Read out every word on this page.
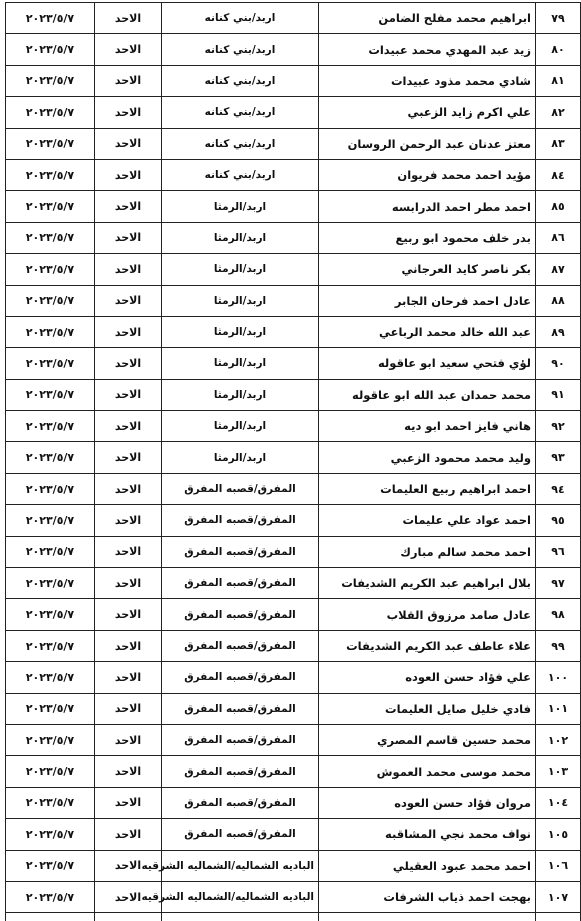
٧٩	ابراهيم محمد مفلح الضامن	اربد/بني كنانه	الاحد	٢٠٢٣/٥/٧
٨٠	زيد عبد المهدي محمد عبيدات	اربد/بني كنانه	الاحد	٢٠٢٣/٥/٧
٨١	شادي محمد مذود عبيدات	اربد/بني كنانه	الاحد	٢٠٢٣/٥/٧
٨٢	علي اكرم زايد الزعبي	اربد/بني كنانه	الاحد	٢٠٢٣/٥/٧
٨٣	معتز عدنان عبد الرحمن الروسان	اربد/بني كنانه	الاحد	٢٠٢٣/٥/٧
٨٤	مؤيد احمد محمد فريوان	اربد/بني كنانه	الاحد	٢٠٢٣/٥/٧
٨٥	احمد مطر احمد الدرابسه	اربد/الرمثا	الاحد	٢٠٢٣/٥/٧
٨٦	بدر خلف محمود ابو ربيع	اربد/الرمثا	الاحد	٢٠٢٣/٥/٧
٨٧	بكر ناصر كايد العرجاني	اربد/الرمثا	الاحد	٢٠٢٣/٥/٧
٨٨	عادل احمد فرحان الجابر	اربد/الرمثا	الاحد	٢٠٢٣/٥/٧
٨٩	عبد الله خالد محمد الرباعي	اربد/الرمثا	الاحد	٢٠٢٣/٥/٧
٩٠	لؤي فتحي سعيد ابو عاقوله	اربد/الرمثا	الاحد	٢٠٢٣/٥/٧
٩١	محمد حمدان عبد الله ابو عاقوله	اربد/الرمثا	الاحد	٢٠٢٣/٥/٧
٩٢	هاني فايز احمد ابو ديه	اربد/الرمثا	الاحد	٢٠٢٣/٥/٧
٩٣	وليد محمد محمود الزعبي	اربد/الرمثا	الاحد	٢٠٢٣/٥/٧
٩٤	احمد ابراهيم ربيع العليمات	المفرق/قصبه المفرق	الاحد	٢٠٢٣/٥/٧
٩٥	احمد عواد علي عليمات	المفرق/قصبه المفرق	الاحد	٢٠٢٣/٥/٧
٩٦	احمد محمد سالم مبارك	المفرق/قصبه المفرق	الاحد	٢٠٢٣/٥/٧
٩٧	بلال ابراهيم عبد الكريم الشديفات	المفرق/قصبه المفرق	الاحد	٢٠٢٣/٥/٧
٩٨	عادل صامد مرزوق القلاب	المفرق/قصبه المفرق	الاحد	٢٠٢٣/٥/٧
٩٩	علاء عاطف عبد الكريم الشديفات	المفرق/قصبه المفرق	الاحد	٢٠٢٣/٥/٧
١٠٠	علي فؤاد حسن العوده	المفرق/قصبه المفرق	الاحد	٢٠٢٣/٥/٧
١٠١	فادي خليل صايل العليمات	المفرق/قصبه المفرق	الاحد	٢٠٢٣/٥/٧
١٠٢	محمد حسين قاسم المصري	المفرق/قصبه المفرق	الاحد	٢٠٢٣/٥/٧
١٠٣	محمد موسى محمد العموش	المفرق/قصبه المفرق	الاحد	٢٠٢٣/٥/٧
١٠٤	مروان فؤاد حسن العوده	المفرق/قصبه المفرق	الاحد	٢٠٢٣/٥/٧
١٠٥	نواف محمد نجي المشاقبه	المفرق/قصبه المفرق	الاحد	٢٠٢٣/٥/٧
١٠٦	احمد محمد عبود العقيلي	الباديه الشماليه/الشماليه الشرقيه	الاحد	٢٠٢٣/٥/٧
١٠٧	بهجت احمد ذياب الشرفات	الباديه الشماليه/الشماليه الشرقيه	الاحد	٢٠٢٣/٥/٧
